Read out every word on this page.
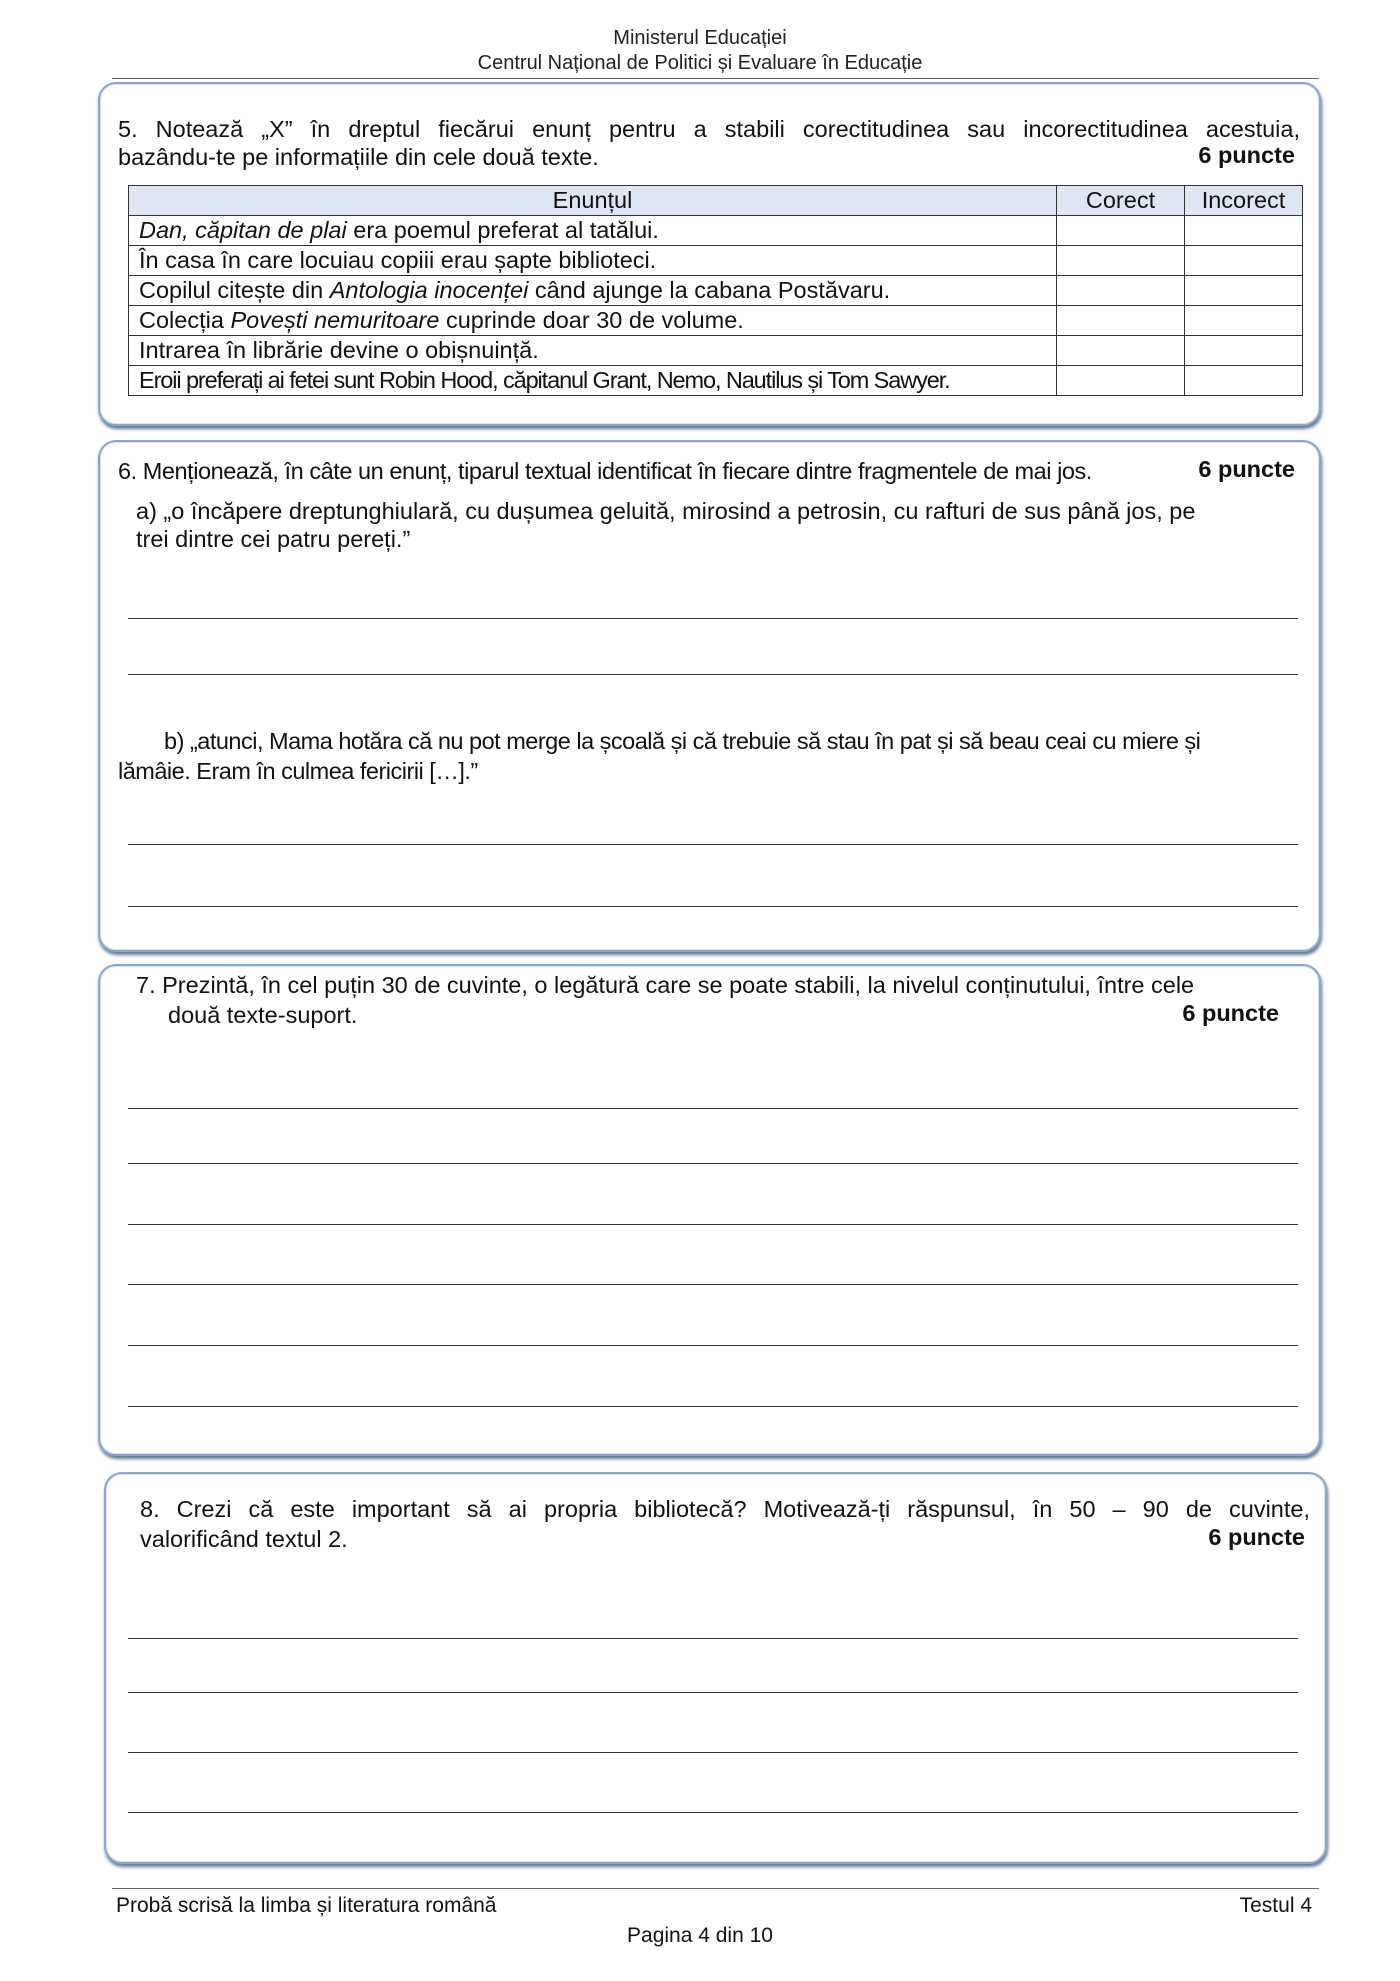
Ministerul Educației
Centrul Național de Politici și Evaluare în Educație
5. Notează „X” în dreptul fiecărui enunț pentru a stabili corectitudinea sau incorectitudinea acestuia,
bazându-te pe informațiile din cele două texte.	6 puncte
Enunțul	Corect	Incorect
Dan, căpitan de plai era poemul preferat al tatălui.		
În casa în care locuiau copiii erau șapte biblioteci.		
Copilul citește din Antologia inocenței când ajunge la cabana Postăvaru.		
Colecția Povești nemuritoare cuprinde doar 30 de volume.		
Intrarea în librărie devine o obișnuință.		
Eroii preferați ai fetei sunt Robin Hood, căpitanul Grant, Nemo, Nautilus și Tom Sawyer.		
6. Menționează, în câte un enunț, tiparul textual identificat în fiecare dintre fragmentele de mai jos.	6 puncte
a) „o încăpere dreptunghiulară, cu dușumea geluită, mirosind a petrosin, cu rafturi de sus până jos, pe
trei dintre cei patru pereți.”
b) „atunci, Mama hotăra că nu pot merge la școală și că trebuie să stau în pat și să beau ceai cu miere și
lămâie. Eram în culmea fericirii […].”
7. Prezintă, în cel puțin 30 de cuvinte, o legătură care se poate stabili, la nivelul conținutului, între cele
două texte-suport.	6 puncte
8. Crezi că este important să ai propria bibliotecă? Motivează-ți răspunsul, în 50 – 90 de cuvinte,
valorificând textul 2.	6 puncte
Probă scrisă la limba și literatura română	Testul 4
Pagina 4 din 10
